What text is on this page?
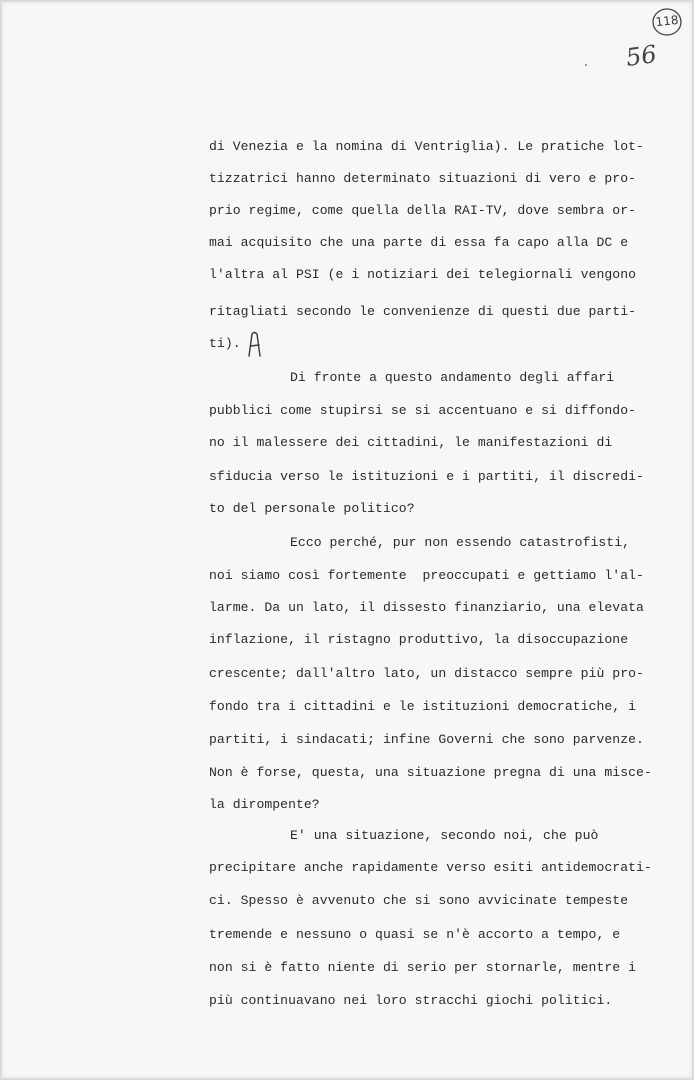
118
56
di Venezia e la nomina di Ventriglia). Le pratiche lot-
tizzatrici hanno determinato situazioni di vero e pro-
prio regime, come quella della RAI-TV, dove sembra or-
mai acquisito che una parte di essa fa capo alla DC e
l'altra al PSI (e i notiziari dei telegiornali vengono
ritagliati secondo le convenienze di questi due parti-
ti).
Di fronte a questo andamento degli affari
pubblici come stupirsi se si accentuano e si diffondo-
no il malessere dei cittadini, le manifestazioni di
sfiducia verso le istituzioni e i partiti, il discredi-
to del personale politico?
Ecco perché, pur non essendo catastrofisti,
noi siamo così fortemente  preoccupati e gettiamo l'al-
larme. Da un lato, il dissesto finanziario, una elevata
inflazione, il ristagno produttivo, la disoccupazione
crescente; dall'altro lato, un distacco sempre più pro-
fondo tra i cittadini e le istituzioni democratiche, i
partiti, i sindacati; infine Governi che sono parvenze.
Non è forse, questa, una situazione pregna di una misce-
la dirompente?
E' una situazione, secondo noi, che può
precipitare anche rapidamente verso esiti antidemocrati-
ci. Spesso è avvenuto che si sono avvicinate tempeste
tremende e nessuno o quasi se n'è accorto a tempo, e
non si è fatto niente di serio per stornarle, mentre i
più continuavano nei loro stracchi giochi politici.
